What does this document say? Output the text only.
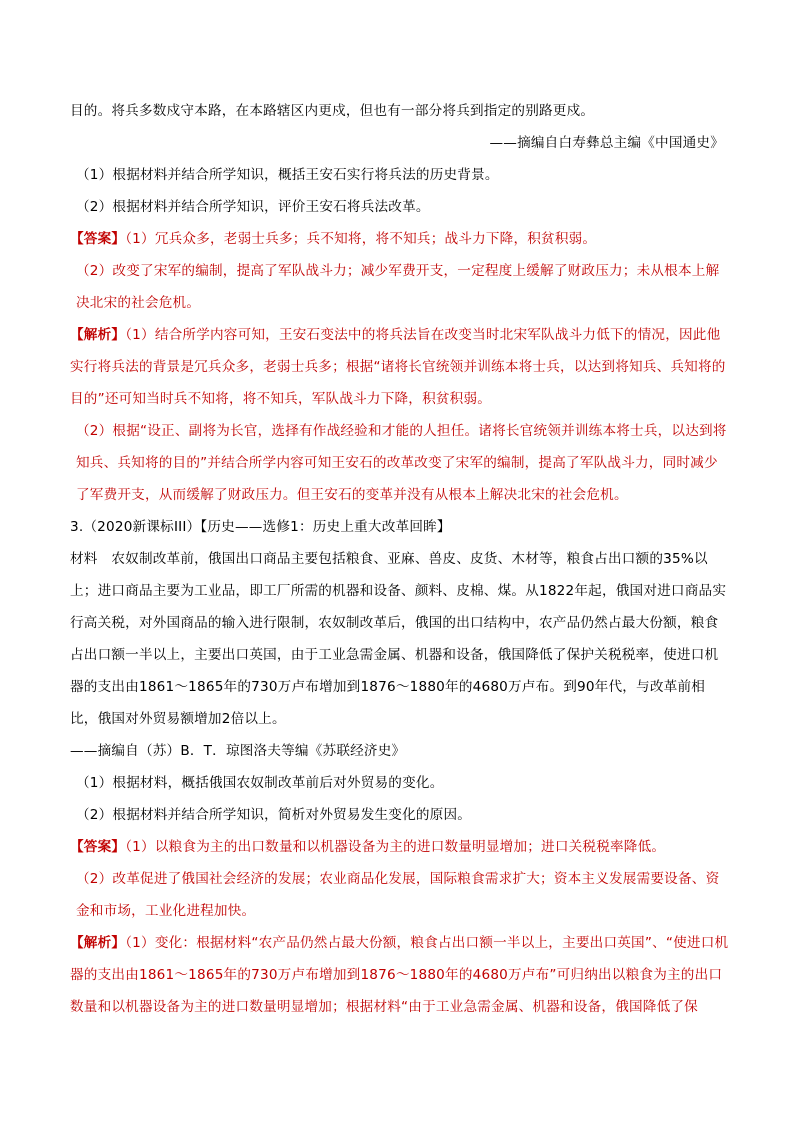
目的。将兵多数戍守本路，在本路辖区内更戍，但也有一部分将兵到指定的别路更戍。

——摘编自白寿彝总主编《中国通史》

（1）根据材料并结合所学知识，概括王安石实行将兵法的历史背景。

（2）根据材料并结合所学知识，评价王安石将兵法改革。

【答案】（1）冗兵众多，老弱士兵多；兵不知将，将不知兵；战斗力下降，积贫积弱。

（2）改变了宋军的编制，提高了军队战斗力；减少军费开支，一定程度上缓解了财政压力；未从根本上解决北宋的社会危机。

【解析】（1）结合所学内容可知，王安石变法中的将兵法旨在改变当时北宋军队战斗力低下的情况，因此他实行将兵法的背景是冗兵众多，老弱士兵多；根据“诸将长官统领并训练本将士兵，以达到将知兵、兵知将的目的”还可知当时兵不知将，将不知兵，军队战斗力下降，积贫积弱。

（2）根据“设正、副将为长官，选择有作战经验和才能的人担任。诸将长官统领并训练本将士兵，以达到将知兵、兵知将的目的”并结合所学内容可知王安石的改革改变了宋军的编制，提高了军队战斗力，同时减少了军费开支，从而缓解了财政压力。但王安石的变革并没有从根本上解决北宋的社会危机。

3.（2020新课标III）【历史——选修1：历史上重大改革回眸】

材料　农奴制改革前，俄国出口商品主要包括粮食、亚麻、兽皮、皮货、木材等，粮食占出口额的35%以上；进口商品主要为工业品，即工厂所需的机器和设备、颜料、皮棉、煤。从1822年起，俄国对进口商品实行高关税，对外国商品的输入进行限制，农奴制改革后，俄国的出口结构中，农产品仍然占最大份额，粮食占出口额一半以上，主要出口英国，由于工业急需金属、机器和设备，俄国降低了保护关税税率，使进口机器的支出由1861～1865年的730万卢布增加到1876～1880年的4680万卢布。到90年代，与改革前相比，俄国对外贸易额增加2倍以上。

——摘编自（苏）B．T．琼图洛夫等编《苏联经济史》

（1）根据材料，概括俄国农奴制改革前后对外贸易的变化。

（2）根据材料并结合所学知识，简析对外贸易发生变化的原因。

【答案】（1）以粮食为主的出口数量和以机器设备为主的进口数量明显增加；进口关税税率降低。

（2）改革促进了俄国社会经济的发展；农业商品化发展，国际粮食需求扩大；资本主义发展需要设备、资金和市场，工业化进程加快。

【解析】（1）变化：根据材料“农产品仍然占最大份额，粮食占出口额一半以上，主要出口英国”、“使进口机器的支出由1861～1865年的730万卢布增加到1876～1880年的4680万卢布”可归纳出以粮食为主的出口数量和以机器设备为主的进口数量明显增加；根据材料“由于工业急需金属、机器和设备，俄国降低了保
